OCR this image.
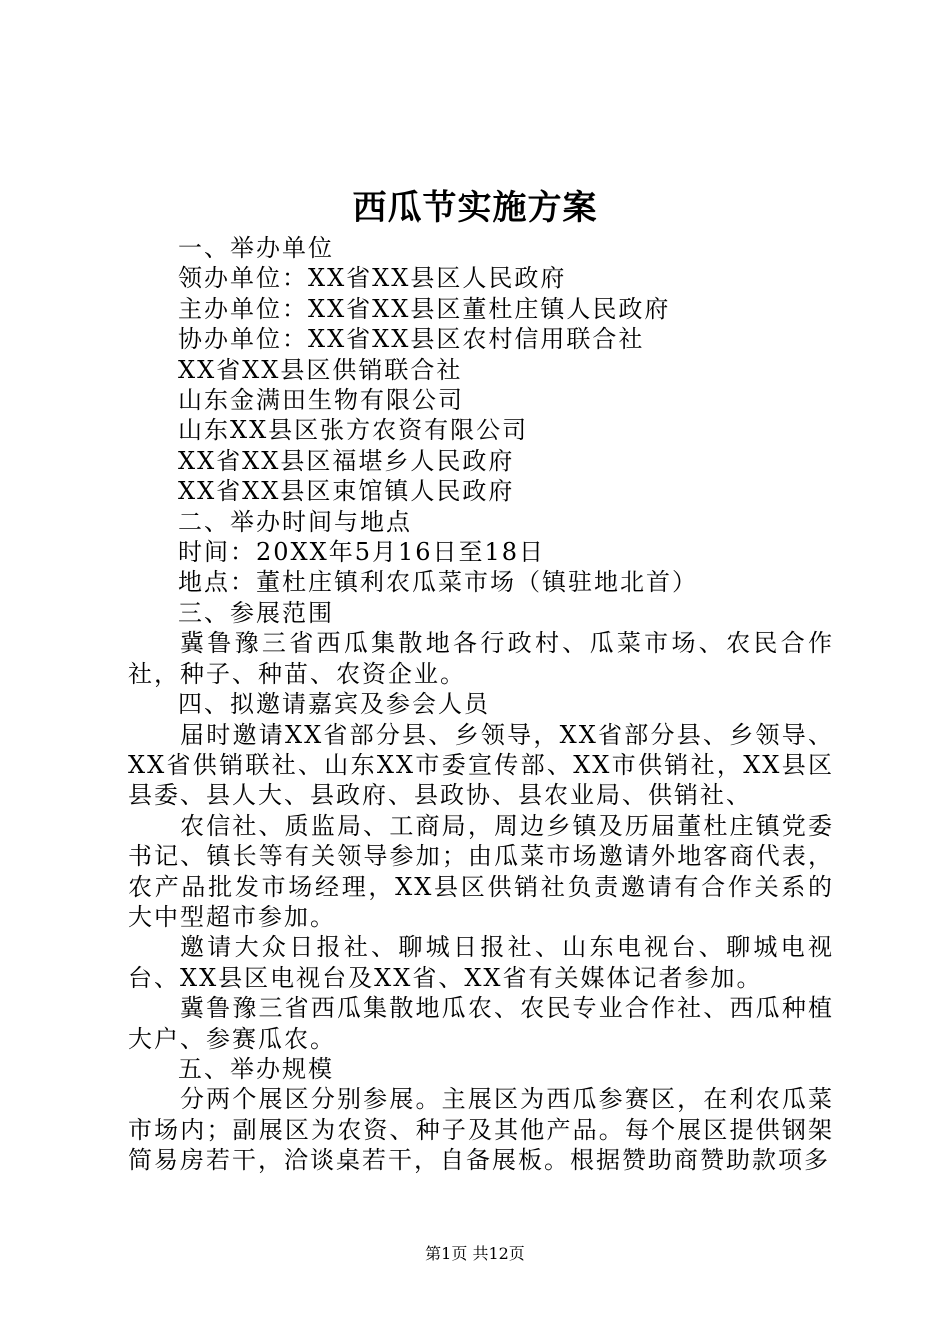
西瓜节实施方案

一、举办单位

领办单位：XX省XX县区人民政府

主办单位：XX省XX县区董杜庄镇人民政府

协办单位：XX省XX县区农村信用联合社

XX省XX县区供销联合社

山东金满田生物有限公司

山东XX县区张方农资有限公司

XX省XX县区福堪乡人民政府

XX省XX县区束馆镇人民政府

二、举办时间与地点

时间：20XX年5月16日至18日

地点：董杜庄镇利农瓜菜市场（镇驻地北首）

三、参展范围

冀鲁豫三省西瓜集散地各行政村、瓜菜市场、农民合作社，种子、种苗、农资企业。

四、拟邀请嘉宾及参会人员

届时邀请XX省部分县、乡领导，XX省部分县、乡领导、XX省供销联社、山东XX市委宣传部、XX市供销社，XX县区县委、县人大、县政府、县政协、县农业局、供销社、

农信社、质监局、工商局，周边乡镇及历届董杜庄镇党委书记、镇长等有关领导参加；由瓜菜市场邀请外地客商代表，农产品批发市场经理，XX县区供销社负责邀请有合作关系的大中型超市参加。

邀请大众日报社、聊城日报社、山东电视台、聊城电视台、XX县区电视台及XX省、XX省有关媒体记者参加。

冀鲁豫三省西瓜集散地瓜农、农民专业合作社、西瓜种植大户、参赛瓜农。

五、举办规模

分两个展区分别参展。主展区为西瓜参赛区，在利农瓜菜市场内；副展区为农资、种子及其他产品。每个展区提供钢架简易房若干，洽谈桌若干，自备展板。根据赞助商赞助款项多

第1页 共12页
